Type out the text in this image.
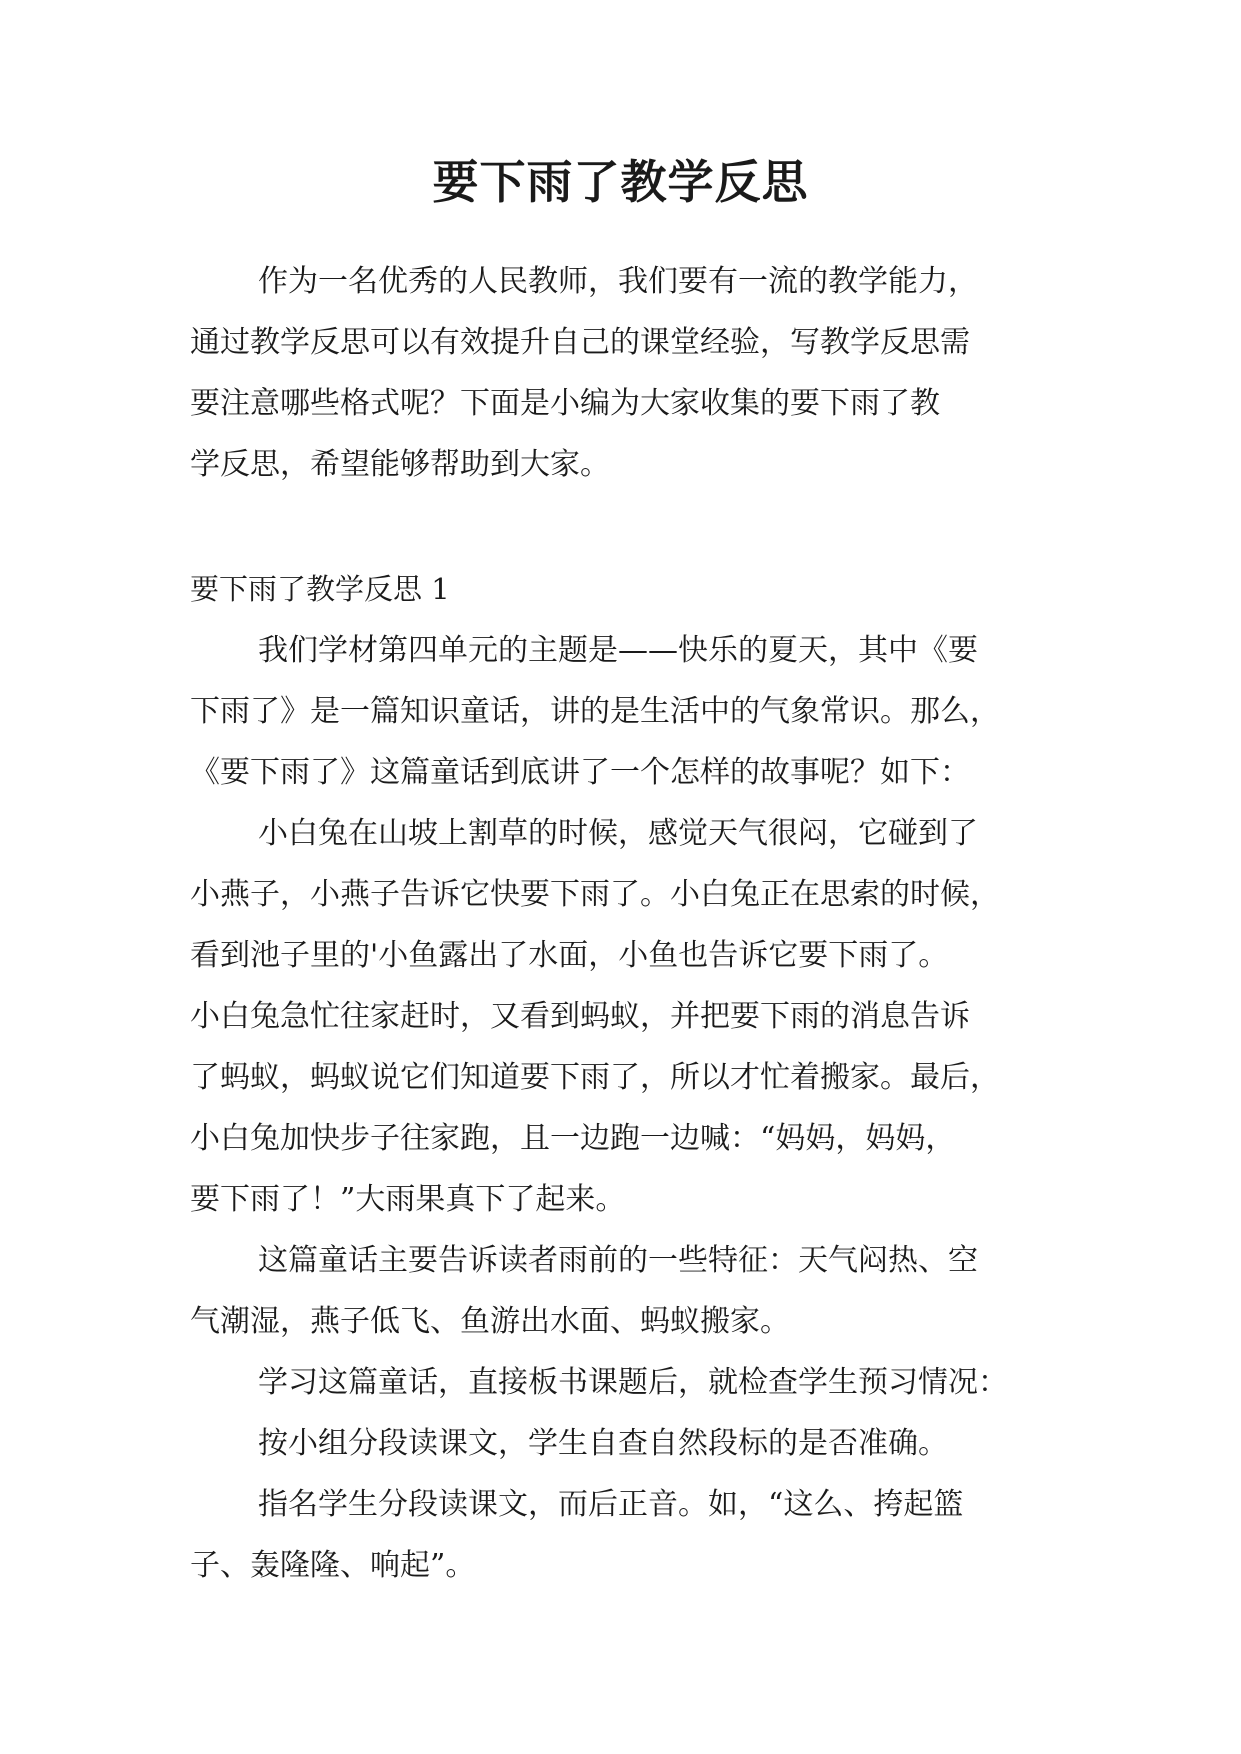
要下雨了教学反思

作为一名优秀的人民教师，我们要有一流的教学能力，

通过教学反思可以有效提升自己的课堂经验，写教学反思需

要注意哪些格式呢？下面是小编为大家收集的要下雨了教

学反思，希望能够帮助到大家。

要下雨了教学反思 1

我们学材第四单元的主题是——快乐的夏天，其中《要

下雨了》是一篇知识童话，讲的是生活中的气象常识。那么，

《要下雨了》这篇童话到底讲了一个怎样的故事呢？如下：

小白兔在山坡上割草的时候，感觉天气很闷，它碰到了

小燕子，小燕子告诉它快要下雨了。小白兔正在思索的时候，

看到池子里的'小鱼露出了水面，小鱼也告诉它要下雨了。

小白兔急忙往家赶时，又看到蚂蚁，并把要下雨的消息告诉

了蚂蚁，蚂蚁说它们知道要下雨了，所以才忙着搬家。最后，

小白兔加快步子往家跑，且一边跑一边喊：“妈妈，妈妈，

要下雨了！”大雨果真下了起来。

这篇童话主要告诉读者雨前的一些特征：天气闷热、空

气潮湿，燕子低飞、鱼游出水面、蚂蚁搬家。

学习这篇童话，直接板书课题后，就检查学生预习情况：

按小组分段读课文，学生自查自然段标的是否准确。

指名学生分段读课文，而后正音。如，“这么、挎起篮

子、轰隆隆、响起”。
